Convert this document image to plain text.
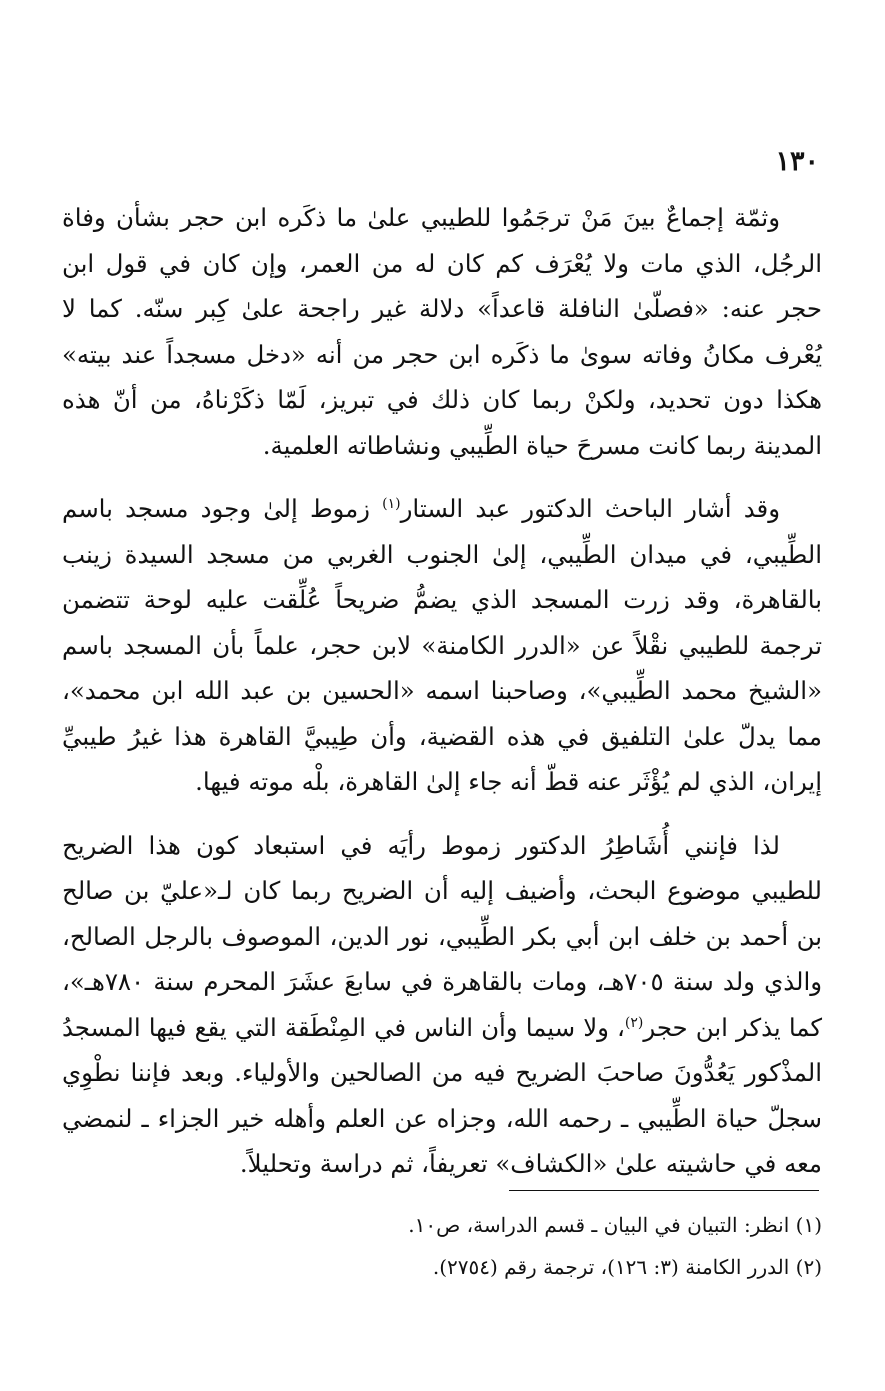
١٣٠

وثمّة إجماعٌ بينَ مَنْ ترجَمُوا للطيبي علىٰ ما ذكَره ابن حجر بشأن وفاة الرجُل، الذي مات ولا يُعْرَف كم كان له من العمر، وإن كان في قول ابن حجر عنه: «فصلّىٰ النافلة قاعداً» دلالة غير راجحة علىٰ كِبر سنّه. كما لا يُعْرف مكانُ وفاته سوىٰ ما ذكَره ابن حجر من أنه «دخل مسجداً عند بيته» هكذا دون تحديد، ولكنْ ربما كان ذلك في تبريز، لَمّا ذكَرْناهُ، من أنّ هذه المدينة ربما كانت مسرحَ حياة الطِّيبي ونشاطاته العلمية.

وقد أشار الباحث الدكتور عبد الستار$^{(١)}$ زموط إلىٰ وجود مسجد باسم الطِّيبي، في ميدان الطِّيبي، إلىٰ الجنوب الغربي من مسجد السيدة زينب بالقاهرة، وقد زرت المسجد الذي يضمُّ ضريحاً عُلِّقت عليه لوحة تتضمن ترجمة للطيبي نقْلاً عن «الدرر الكامنة» لابن حجر، علماً بأن المسجد باسم «الشيخ محمد الطِّيبي»، وصاحبنا اسمه «الحسين بن عبد الله ابن محمد»، مما يدلّ علىٰ التلفيق في هذه القضية، وأن طِيبيَّ القاهرة هذا غيرُ طيبيِّ إيران، الذي لم يُؤْثَر عنه قطّ أنه جاء إلىٰ القاهرة، بلْه موته فيها.

لذا فإنني أُشَاطِرُ الدكتور زموط رأيَه في استبعاد كون هذا الضريح للطيبي موضوع البحث، وأضيف إليه أن الضريح ربما كان لـ«عليّ بن صالح بن أحمد بن خلف ابن أبي بكر الطِّيبي، نور الدين، الموصوف بالرجل الصالح، والذي ولد سنة ٧٠٥هـ، ومات بالقاهرة في سابعَ عشَرَ المحرم سنة ٧٨٠هـ»، كما يذكر ابن حجر$^{(٢)}$، ولا سيما وأن الناس في المِنْطَقة التي يقع فيها المسجدُ المذْكور يَعُدُّونَ صاحبَ الضريح فيه من الصالحين والأولياء. وبعد فإننا نطْوِي سجلّ حياة الطِّيبي ـ رحمه الله، وجزاه عن العلم وأهله خير الجزاء ـ لنمضي معه في حاشيته علىٰ «الكشاف» تعريفاً، ثم دراسة وتحليلاً.

(١) انظر: التبيان في البيان ـ قسم الدراسة، ص١٠.

(٢) الدرر الكامنة (٣: ١٢٦)، ترجمة رقم (٢٧٥٤).
